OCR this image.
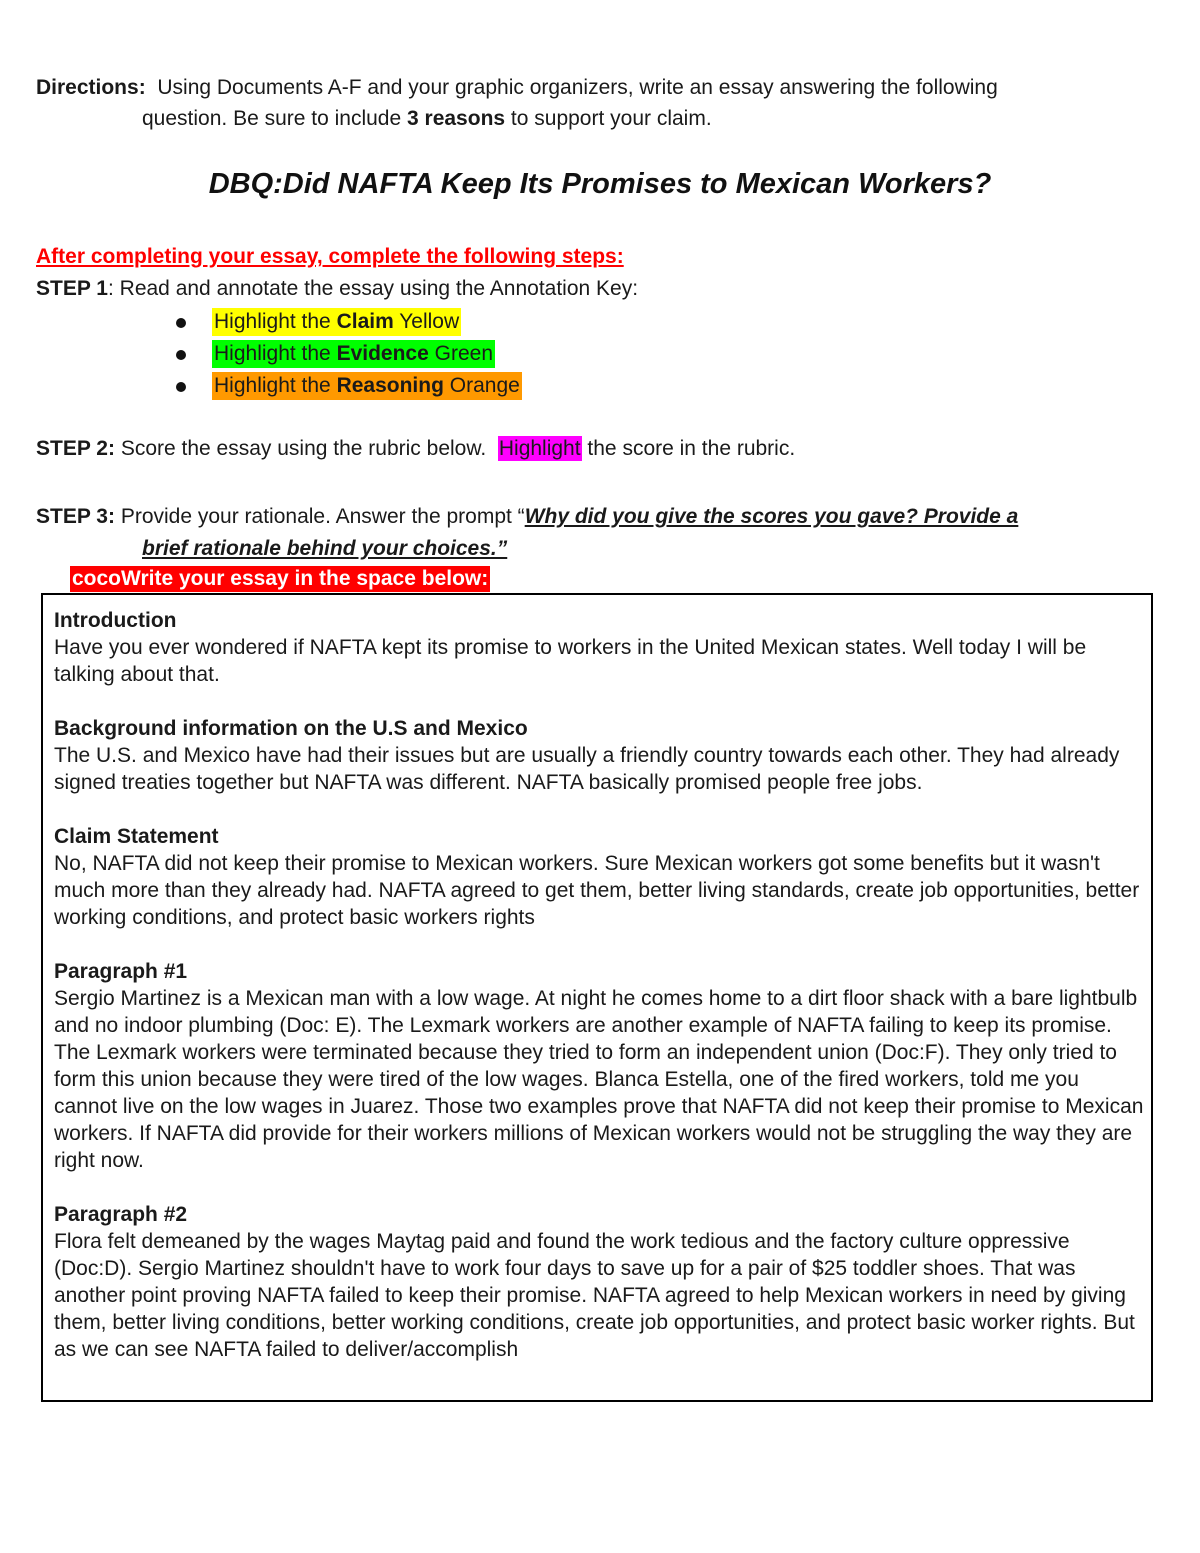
Directions:  Using Documents A-F and your graphic organizers, write an essay answering the following
question. Be sure to include 3 reasons to support your claim.
DBQ:Did NAFTA Keep Its Promises to Mexican Workers?
After completing your essay, complete the following steps:
STEP 1: Read and annotate the essay using the Annotation Key:
Highlight the Claim Yellow
Highlight the Evidence Green
Highlight the Reasoning Orange
STEP 2: Score the essay using the rubric below.  Highlight the score in the rubric.
STEP 3: Provide your rationale. Answer the prompt “Why did you give the scores you gave? Provide a
brief rationale behind your choices.”
cocoWrite your essay in the space below:
Introduction

Have you ever wondered if NAFTA kept its promise to workers in the United Mexican states. Well today I will be talking about that.

Background information on the U.S and Mexico

The U.S. and Mexico have had their issues but are usually a friendly country towards each other. They had already signed treaties together but NAFTA was different. NAFTA basically promised people free jobs.

Claim Statement

No, NAFTA did not keep their promise to Mexican workers. Sure Mexican workers got some benefits but it wasn't much more than they already had. NAFTA agreed to get them, better living standards, create job opportunities, better working conditions, and protect basic workers rights

Paragraph #1

Sergio Martinez is a Mexican man with a low wage. At night he comes home to a dirt floor shack with a bare lightbulb and no indoor plumbing (Doc: E). The Lexmark workers are another example of NAFTA failing to keep its promise. The Lexmark workers were terminated because they tried to form an independent union (Doc:F). They only tried to form this union because they were tired of the low wages. Blanca Estella, one of the fired workers, told me you cannot live on the low wages in Juarez. Those two examples prove that NAFTA did not keep their promise to Mexican workers. If NAFTA did provide for their workers millions of Mexican workers would not be struggling the way they are right now.

Paragraph #2

Flora felt demeaned by the wages Maytag paid and found the work tedious and the factory culture oppressive (Doc:D). Sergio Martinez shouldn't have to work four days to save up for a pair of $25 toddler shoes. That was another point proving NAFTA failed to keep their promise. NAFTA agreed to help Mexican workers in need by giving them, better living conditions, better working conditions, create job opportunities, and protect basic worker rights. But as we can see NAFTA failed to deliver/accomplish
